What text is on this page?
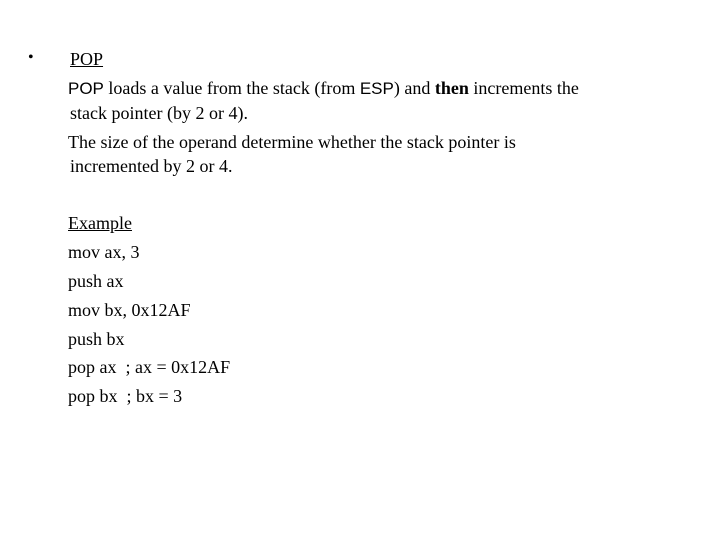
• POP
POP loads a value from the stack (from ESP) and then increments the
stack pointer (by 2 or 4).
The size of the operand determine whether the stack pointer is
incremented by 2 or 4.
Example
mov ax, 3
push ax
mov bx, 0x12AF
push bx
pop ax  ; ax = 0x12AF
pop bx  ; bx = 3
